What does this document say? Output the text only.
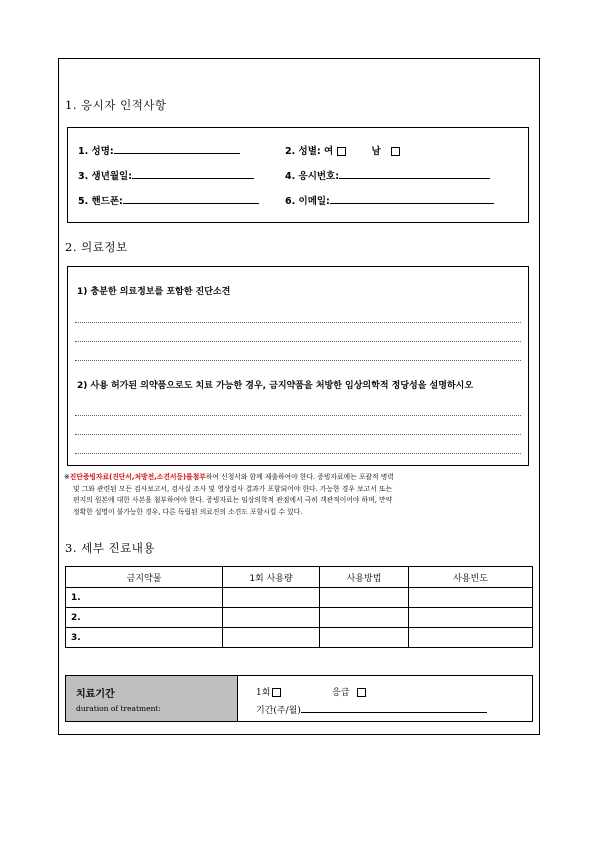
1. 응시자 인적사항
1. 성명:	2. 성별: 여	남
3. 생년월일:	4. 응시번호:
5. 핸드폰:	6. 이메일:
2. 의료정보
1) 충분한 의료정보를 포함한 진단소견
2) 사용 허가된 의약품으로도 치료 가능한 경우, 금지약품을 처방한 임상의학적 정당성을 설명하시오
※진단증빙자료(진단서,처방전,소견서등)를첨부하여 신청서와 함께 제출하여야 한다. 증빙자료에는 포괄적 병력
및 그와 관련된 모든 검사보고서, 검사실 조사 및 영상검사 결과가 포함되어야 한다. 가능한 경우 보고서 또는
편지의 원본에 대한 사본을 첨부하여야 한다. 증빙자료는 임상의학적 관점에서 극히 객관적이어야 하며, 만약
정확한 설명이 불가능한 경우, 다른 독립된 의료진의 소견도 포함시킬 수 있다.
3. 세부 진료내용
금지약물	1회 사용량	사용방법	사용빈도
1.			
2.			
3.			
치료기간
duration of treatment:
1회	응급
기간(주/월)
